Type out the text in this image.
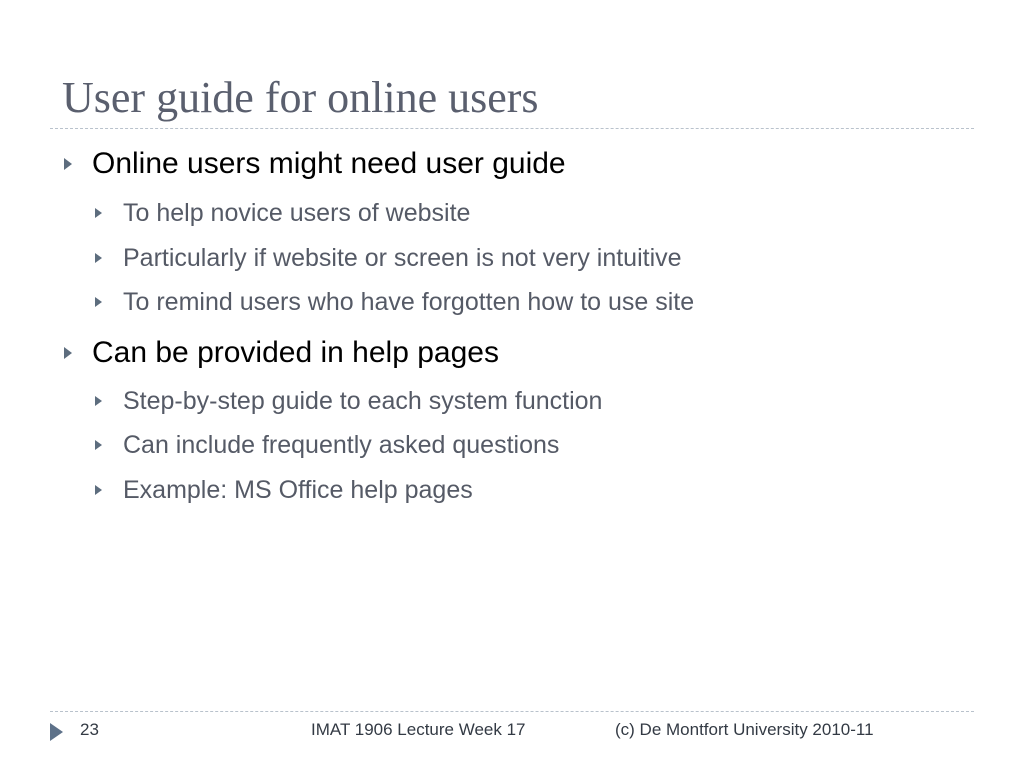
User guide for online users
Online users might need user guide
To help novice users of website
Particularly if website or screen is not very intuitive
To remind users who have forgotten how to use site
Can be provided in help pages
Step-by-step guide to each system function
Can include frequently asked questions
Example: MS Office help pages
23	IMAT 1906 Lecture Week 17	(c) De Montfort University 2010-11
